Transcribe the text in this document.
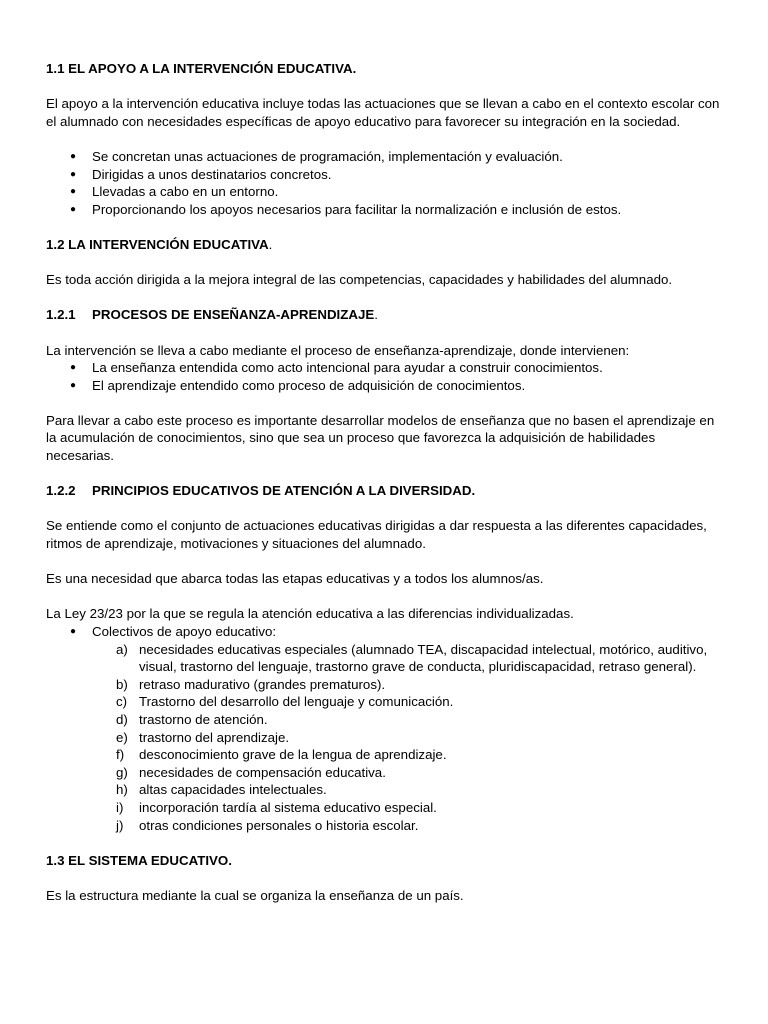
1.1 EL APOYO A LA INTERVENCIÓN EDUCATIVA.

El apoyo a la intervención educativa incluye todas las actuaciones que se llevan a cabo en el contexto escolar con el alumnado con necesidades específicas de apoyo educativo para favorecer su integración en la sociedad.

● Se concretan unas actuaciones de programación, implementación y evaluación.
● Dirigidas a unos destinatarios concretos.
● Llevadas a cabo en un entorno.
● Proporcionando los apoyos necesarios para facilitar la normalización e inclusión de estos.
1.2 LA INTERVENCIÓN EDUCATIVA.

Es toda acción dirigida a la mejora integral de las competencias, capacidades y habilidades del alumnado.

1.2.1 PROCESOS DE ENSEÑANZA-APRENDIZAJE.

La intervención se lleva a cabo mediante el proceso de enseñanza-aprendizaje, donde intervienen:

● La enseñanza entendida como acto intencional para ayudar a construir conocimientos.
● El aprendizaje entendido como proceso de adquisición de conocimientos.

Para llevar a cabo este proceso es importante desarrollar modelos de enseñanza que no basen el aprendizaje en la acumulación de conocimientos, sino que sea un proceso que favorezca la adquisición de habilidades necesarias.

1.2.2 PRINCIPIOS EDUCATIVOS DE ATENCIÓN A LA DIVERSIDAD.

Se entiende como el conjunto de actuaciones educativas dirigidas a dar respuesta a las diferentes capacidades, ritmos de aprendizaje, motivaciones y situaciones del alumnado.

Es una necesidad que abarca todas las etapas educativas y a todos los alumnos/as.

La Ley 23/23 por la que se regula la atención educativa a las diferencias individualizadas.

● Colectivos de apoyo educativo:
a) necesidades educativas especiales (alumnado TEA, discapacidad intelectual, motórico, auditivo, visual, trastorno del lenguaje, trastorno grave de conducta, pluridiscapacidad, retraso general).
b) retraso madurativo (grandes prematuros).
c) Trastorno del desarrollo del lenguaje y comunicación.
d) trastorno de atención.
e) trastorno del aprendizaje.
f) desconocimiento grave de la lengua de aprendizaje.
g) necesidades de compensación educativa.
h) altas capacidades intelectuales.
i) incorporación tardía al sistema educativo especial.
j) otras condiciones personales o historia escolar.
1.3 EL SISTEMA EDUCATIVO.

Es la estructura mediante la cual se organiza la enseñanza de un país.
